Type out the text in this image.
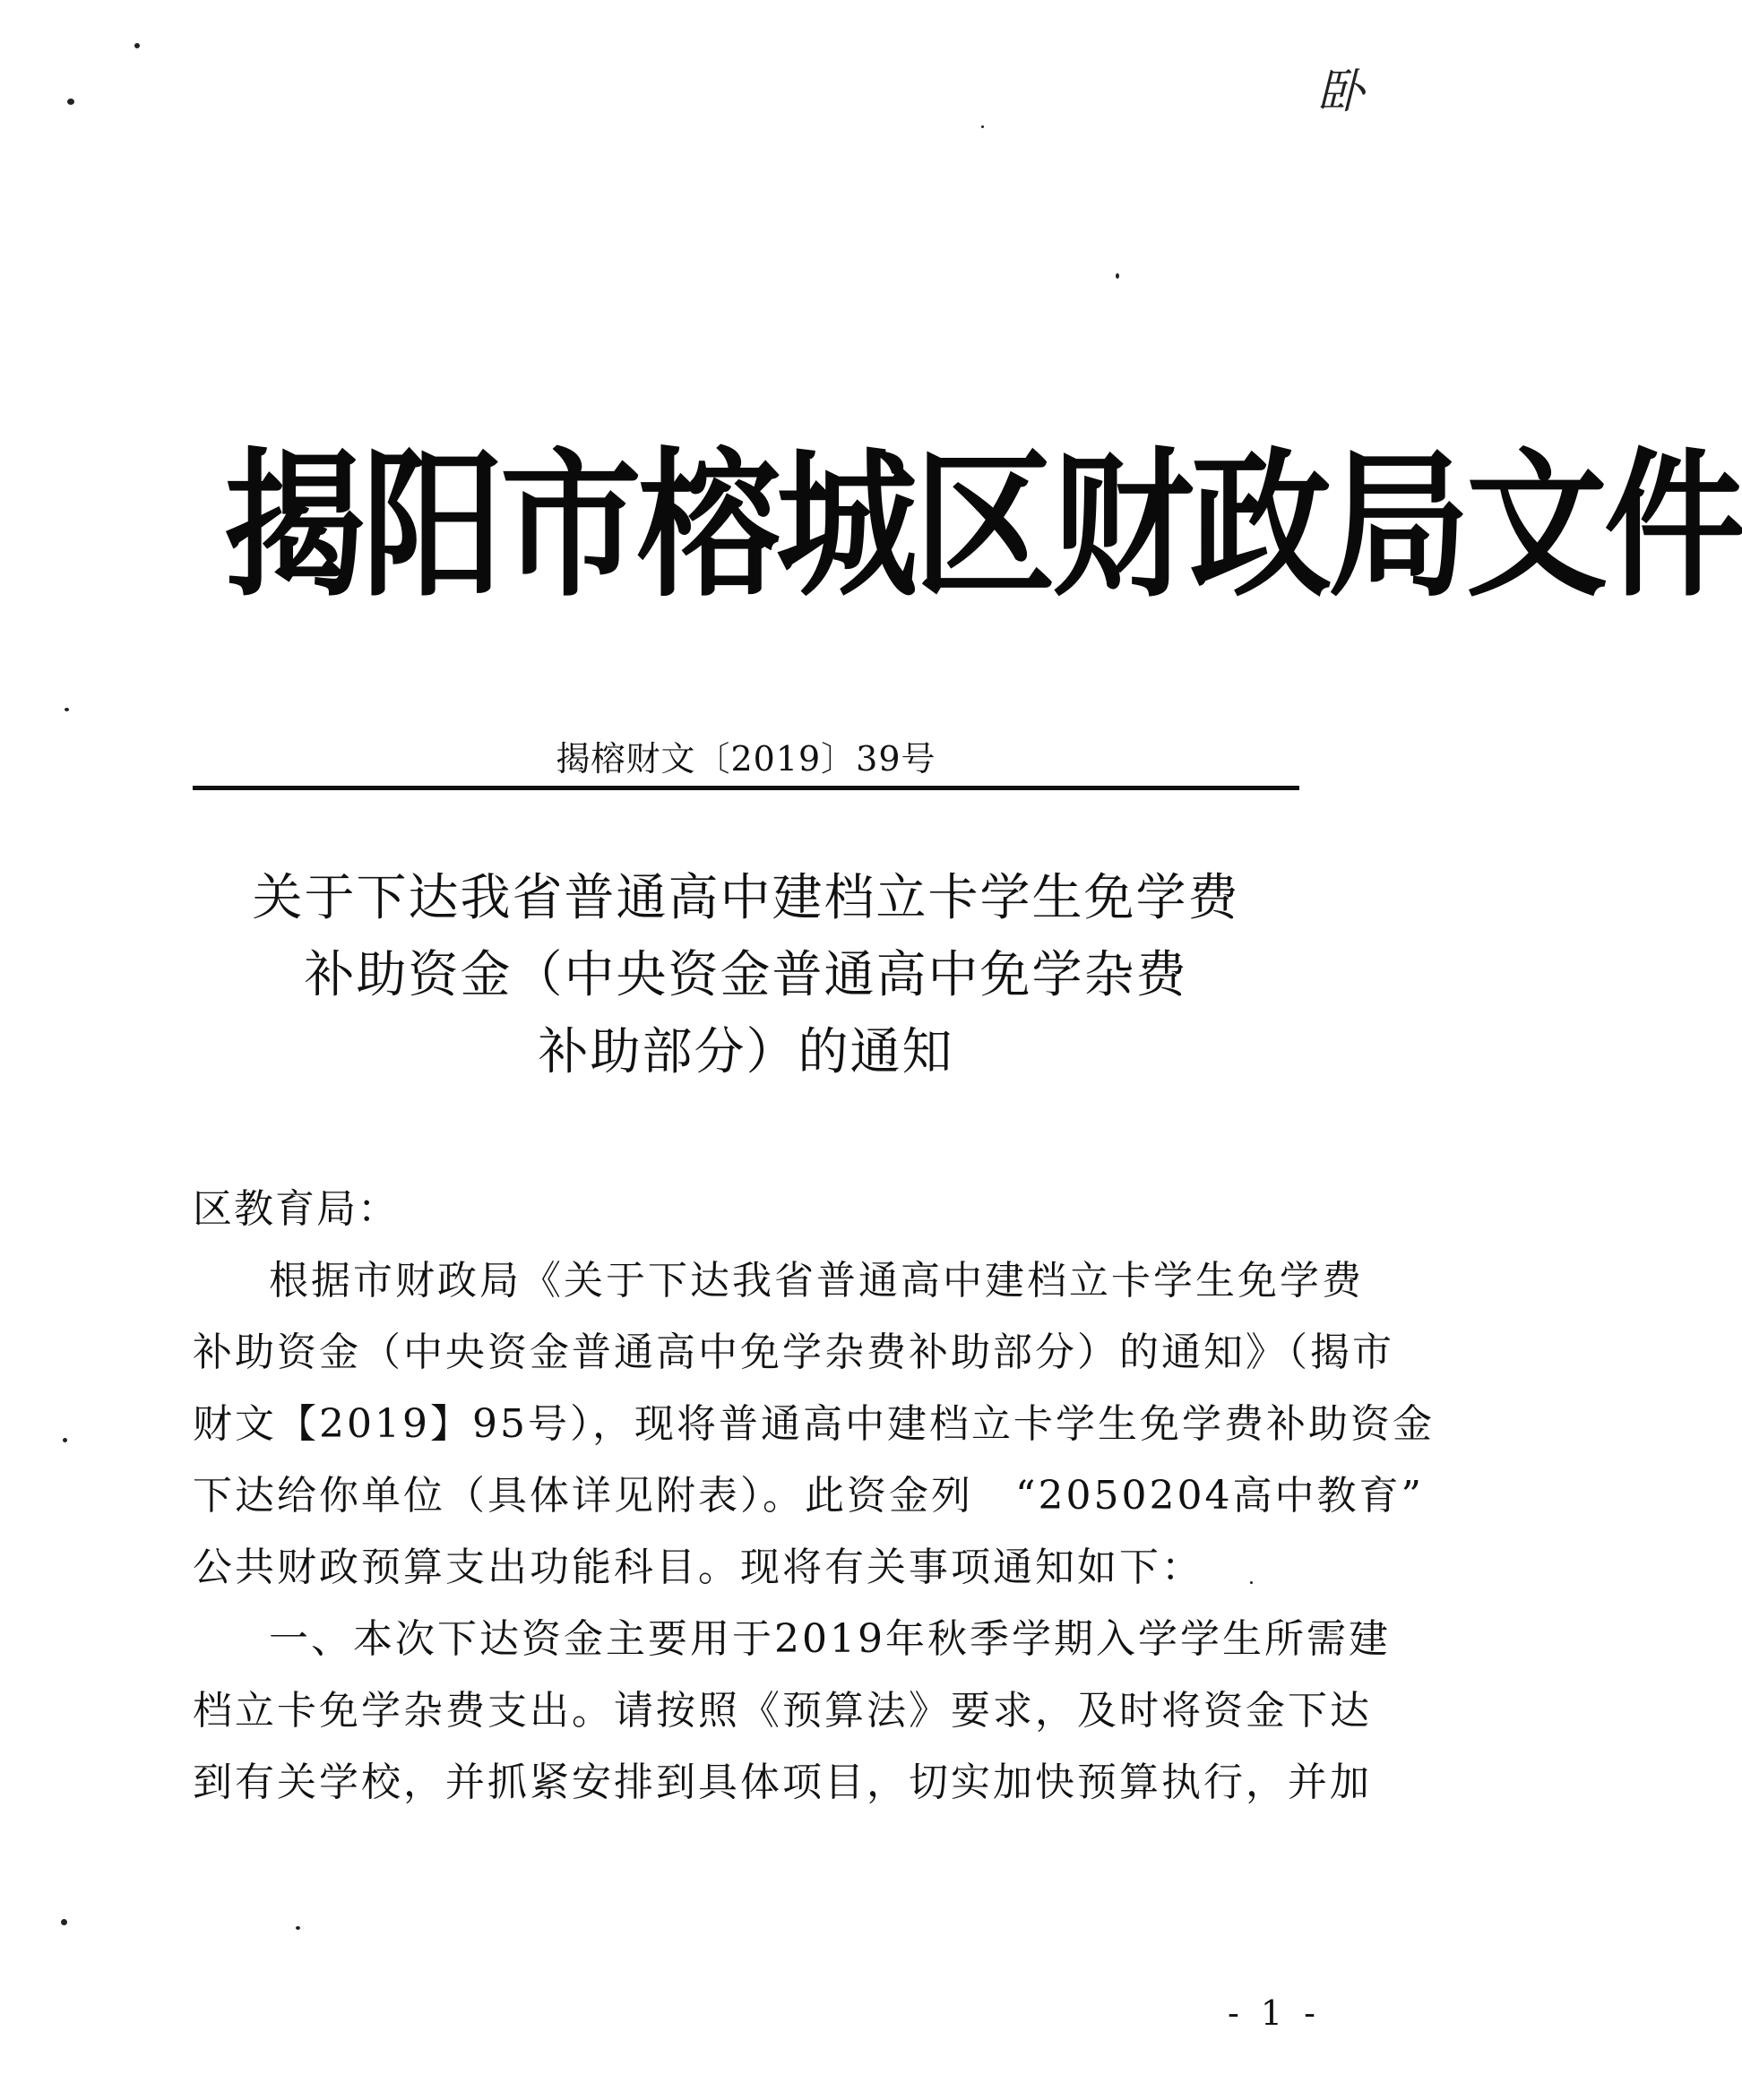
卧
揭阳市榕城区财政局文件
揭榕财文〔2019〕39号
关于下达我省普通高中建档立卡学生免学费
补助资金（中央资金普通高中免学杂费
补助部分）的通知
区教育局：
根据市财政局《关于下达我省普通高中建档立卡学生免学费
补助资金（中央资金普通高中免学杂费补助部分）的通知》（揭市
财文【2019】95号），现将普通高中建档立卡学生免学费补助资金
下达给你单位（具体详见附表）。此资金列　“2050204高中教育”
公共财政预算支出功能科目。现将有关事项通知如下：
一、本次下达资金主要用于2019年秋季学期入学学生所需建
档立卡免学杂费支出。请按照《预算法》要求，及时将资金下达
到有关学校，并抓紧安排到具体项目，切实加快预算执行，并加
- 1 -
